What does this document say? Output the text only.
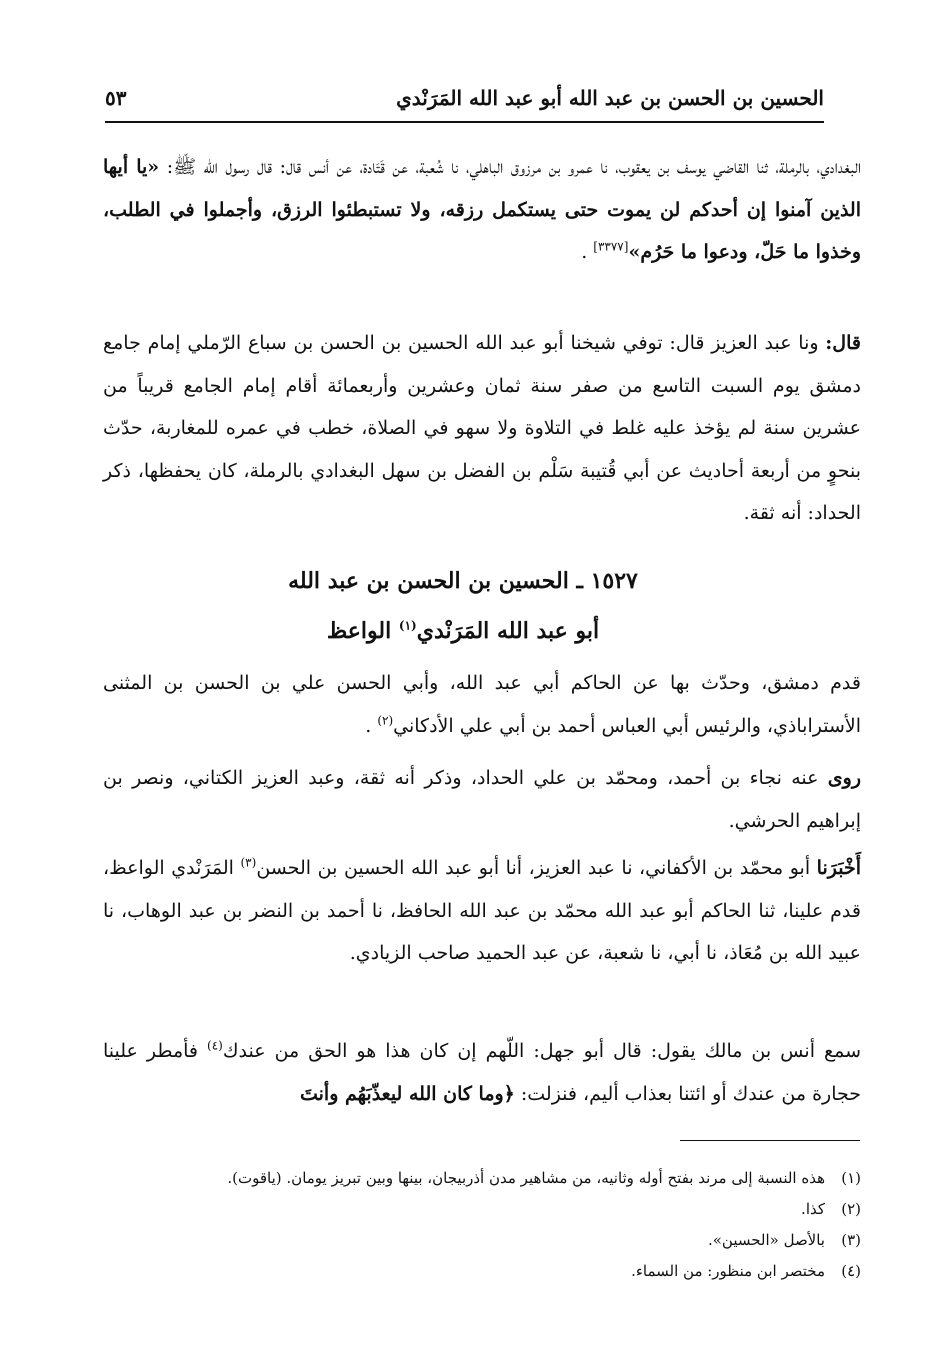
الحسين بن الحسن بن عبد الله أبو عبد الله المَرَنْدي
٥٣
البغدادي، بالرملة، ثنا القاضي يوسف بن يعقوب، نا عمرو بن مرزوق الباهلي، نا شُعبة، عن قَتَادة، عن أنس قال: قال رسول الله ﷺ: «يا أيها الذين آمنوا إن أحدكم لن يموت حتى يستكمل رزقه، ولا تستبطئوا الرزق، وأجملوا في الطلب، وخذوا ما حَلّ، ودعوا ما حَرُم»[٣٣٧٧] .
قال: ونا عبد العزيز قال: توفي شيخنا أبو عبد الله الحسين بن الحسن بن سباع الرّملي إمام جامع دمشق يوم السبت التاسع من صفر سنة ثمان وعشرين وأربعمائة أقام إمام الجامع قريباً من عشرين سنة لم يؤخذ عليه غلط في التلاوة ولا سهو في الصلاة، خطب في عمره للمغاربة، حدّث بنحوٍ من أربعة أحاديث عن أبي قُتيبة سَلْم بن الفضل بن سهل البغدادي بالرملة، كان يحفظها، ذكر الحداد: أنه ثقة.
١٥٢٧ ـ الحسين بن الحسن بن عبد الله
أبو عبد الله المَرَنْدي$^{(١)}$ الواعظ
قدم دمشق، وحدّث بها عن الحاكم أبي عبد الله، وأبي الحسن علي بن الحسن بن المثنى الأستراباذي، والرئيس أبي العباس أحمد بن أبي علي الأدكاني$^{(٢)}$ .
روى عنه نجاء بن أحمد، ومحمّد بن علي الحداد، وذكر أنه ثقة، وعبد العزيز الكتاني، ونصر بن إبراهيم الحرشي.
أَخْبَرَنا أبو محمّد بن الأكفاني، نا عبد العزيز، أنا أبو عبد الله الحسين بن الحسن$^{(٣)}$ المَرَنْدي الواعظ، قدم علينا، ثنا الحاكم أبو عبد الله محمّد بن عبد الله الحافظ، نا أحمد بن النضر بن عبد الوهاب، نا عبيد الله بن مُعَاذ، نا أبي، نا شعبة، عن عبد الحميد صاحب الزيادي.
سمع أنس بن مالك يقول: قال أبو جهل: اللّهم إن كان هذا هو الحق من عندك$^{(٤)}$ فأمطر علينا حجارة من عندك أو ائتنا بعذاب أليم، فنزلت: ﴿وما كان الله ليعذّبَهُم وأنتَ
(١)هذه النسبة إلى مرند بفتح أوله وثانيه، من مشاهير مدن أذربيجان، بينها وبين تبريز يومان. (ياقوت).
(٢)كذا.
(٣)بالأصل «الحسين».
(٤)مختصر ابن منظور: من السماء.
